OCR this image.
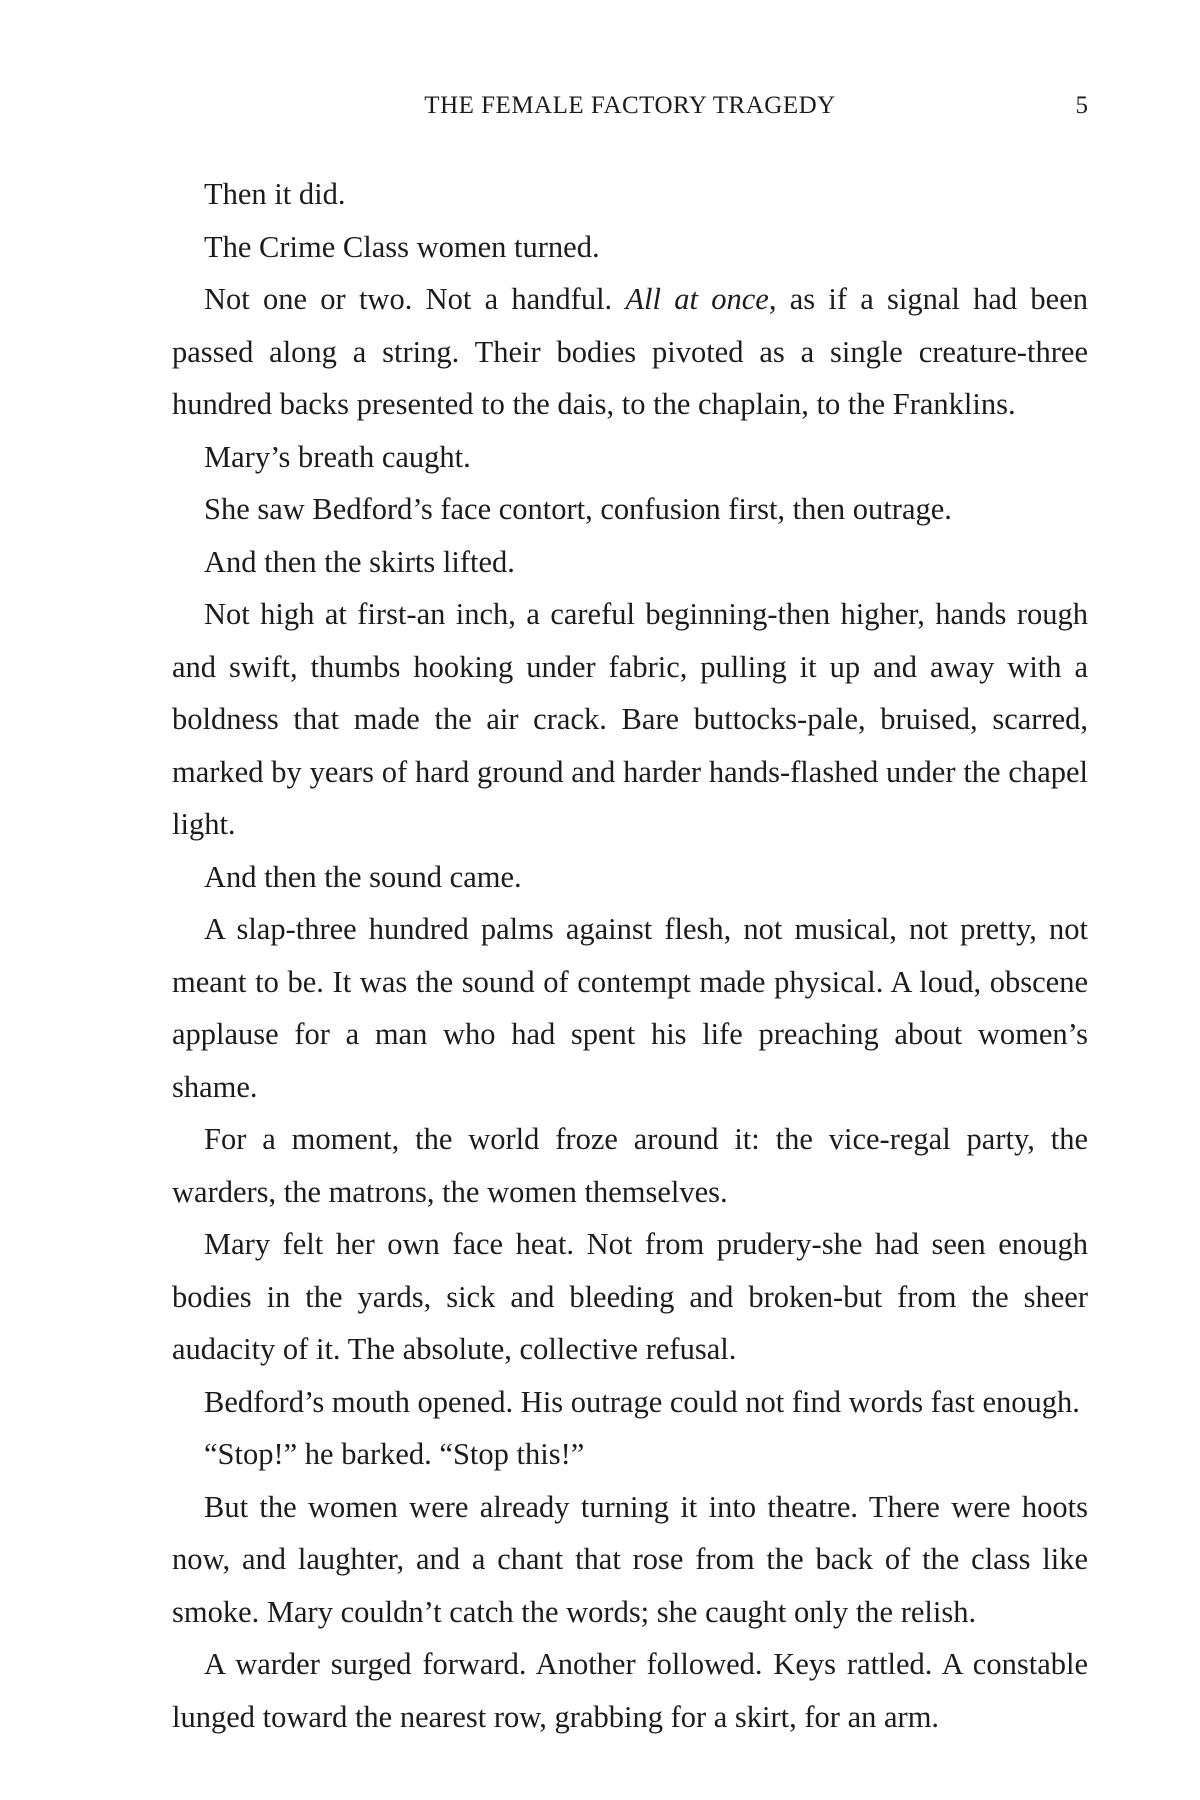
THE FEMALE FACTORY TRAGEDY	5

Then it did.

The Crime Class women turned.

Not one or two. Not a handful. All at once, as if a signal had been passed along a string. Their bodies pivoted as a single creature-three hundred backs presented to the dais, to the chaplain, to the Franklins.

Mary’s breath caught.

She saw Bedford’s face contort, confusion first, then outrage.

And then the skirts lifted.

Not high at first-an inch, a careful beginning-then higher, hands rough and swift, thumbs hooking under fabric, pulling it up and away with a boldness that made the air crack. Bare buttocks-pale, bruised, scarred, marked by years of hard ground and harder hands-flashed under the chapel light.

And then the sound came.

A slap-three hundred palms against flesh, not musical, not pretty, not meant to be. It was the sound of contempt made physical. A loud, obscene applause for a man who had spent his life preaching about women’s shame.

For a moment, the world froze around it: the vice-regal party, the warders, the matrons, the women themselves.

Mary felt her own face heat. Not from prudery-she had seen enough bodies in the yards, sick and bleeding and broken-but from the sheer audacity of it. The absolute, collective refusal.

Bedford’s mouth opened. His outrage could not find words fast enough.

“Stop!” he barked. “Stop this!”

But the women were already turning it into theatre. There were hoots now, and laughter, and a chant that rose from the back of the class like smoke. Mary couldn’t catch the words; she caught only the relish.

A warder surged forward. Another followed. Keys rattled. A constable lunged toward the nearest row, grabbing for a skirt, for an arm.
